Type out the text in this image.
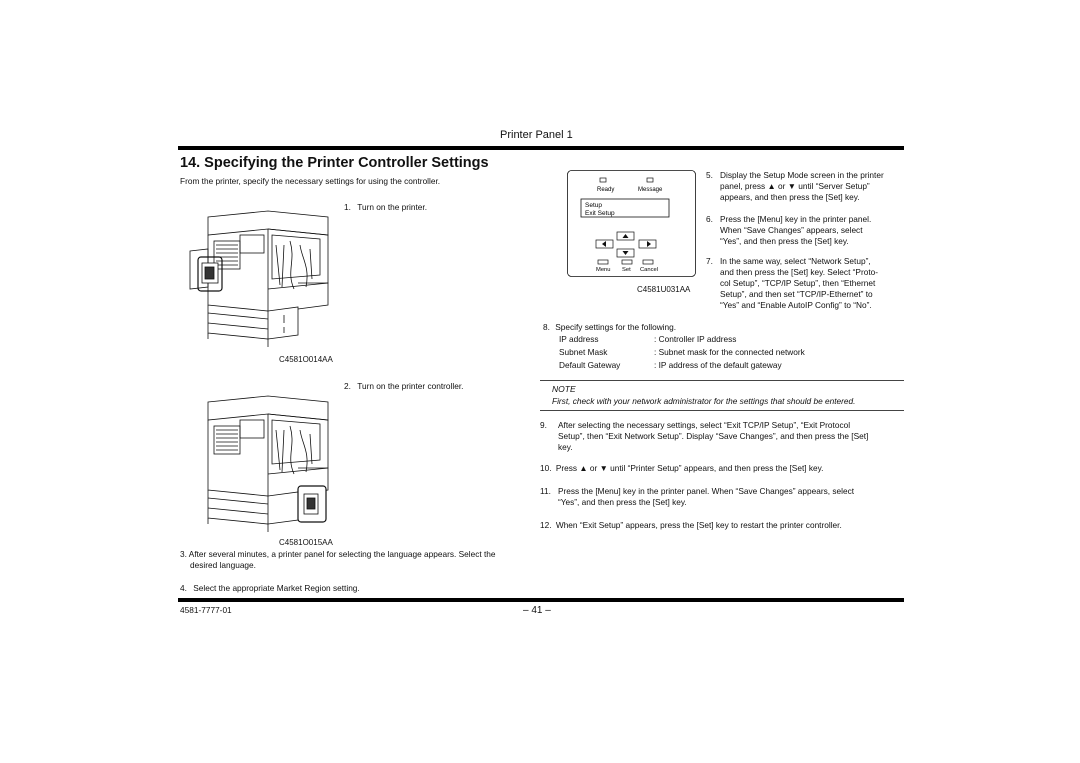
Printer Panel 1
14. Specifying the Printer Controller Settings
From the printer, specify the necessary settings for using the controller.
C4581O014AA
1. Turn on the printer.
C4581O015AA
2. Turn on the printer controller.
3. After several minutes, a printer panel for selecting the language appears. Select the
desired language.
4. Select the appropriate Market Region setting.
Ready	Message
Setup
Exit Setup
Menu Set Cancel
C4581U031AA
5. Display the Setup Mode screen in the printer
panel, press ▲ or ▼ until “Server Setup”
appears, and then press the [Set] key.
6. Press the [Menu] key in the printer panel.
When “Save Changes” appears, select
“Yes”, and then press the [Set] key.
7. In the same way, select “Network Setup”,
and then press the [Set] key. Select “Proto-
col Setup”, “TCP/IP Setup”, then “Ethernet
Setup”, and then set “TCP/IP-Ethernet” to
“Yes” and “Enable AutoIP Config” to “No”.
8. Specify settings for the following.
IP address	: Controller IP address
Subnet Mask	: Subnet mask for the connected network
Default Gateway	: IP address of the default gateway
NOTE
First, check with your network administrator for the settings that should be entered.
9.	After selecting the necessary settings, select “Exit TCP/IP Setup”, “Exit Protocol
Setup”, then “Exit Network Setup”. Display “Save Changes”, and then press the [Set]
key.
10. Press ▲ or ▼ until “Printer Setup” appears, and then press the [Set] key.
11. Press the [Menu] key in the printer panel. When “Save Changes” appears, select
“Yes”, and then press the [Set] key.
12. When “Exit Setup” appears, press the [Set] key to restart the printer controller.
4581-7777-01	– 41 –
